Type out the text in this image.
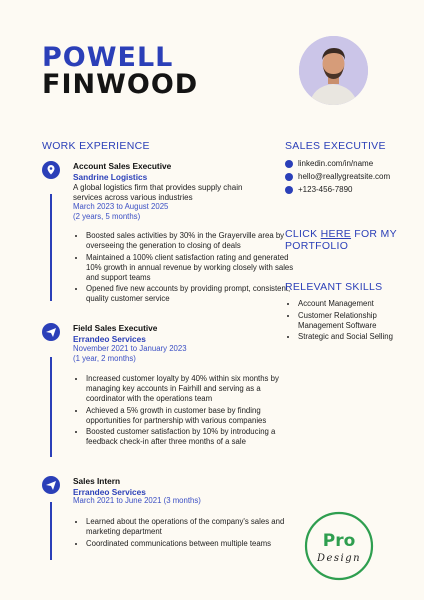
POWELL
FINWOOD
WORK EXPERIENCE
Account Sales Executive
Sandrine Logistics
A global logistics firm that provides supply chain services across various industries
March 2023 to August 2025
(2 years, 5 months)
• Boosted sales activities by 30% in the Grayerville area by overseeing the generation to closing of deals
• Maintained a 100% client satisfaction rating and generated 10% growth in annual revenue by working closely with sales and support teams
• Opened five new accounts by providing prompt, consistent, quality customer service
Field Sales Executive
Errandeo Services
November 2021 to January 2023
(1 year, 2 months)
• Increased customer loyalty by 40% within six months by managing key accounts in Fairhill and serving as a coordinator with the operations team
• Achieved a 5% growth in customer base by finding opportunities for partnership with various companies
• Boosted customer satisfaction by 10% by introducing a feedback check-in after three months of a sale
Sales Intern
Errandeo Services
March 2021 to June 2021 (3 months)
• Learned about the operations of the company's sales and marketing department
• Coordinated communications between multiple teams
SALES EXECUTIVE
linkedin.com/in/name
hello@reallygreatsite.com
+123-456-7890
CLICK HERE FOR MY PORTFOLIO
RELEVANT SKILLS
• Account Management
• Customer Relationship Management Software
• Strategic and Social Selling
Pro
Design
